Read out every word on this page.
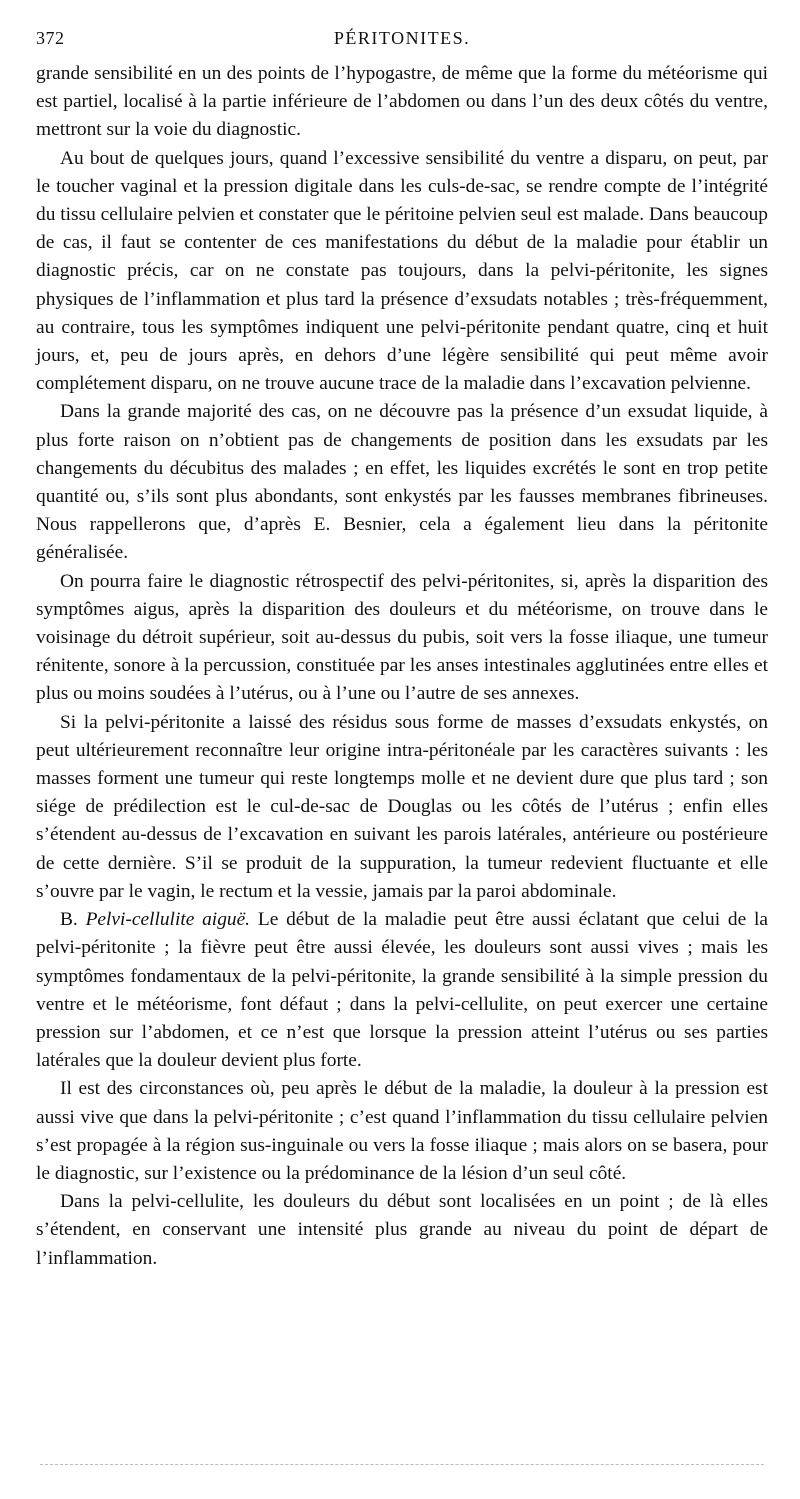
372	PÉRITONITES.

grande sensibilité en un des points de l’hypogastre, de même que la forme du météorisme qui est partiel, localisé à la partie inférieure de l’abdomen ou dans l’un des deux côtés du ventre, mettront sur la voie du diagnostic.

Au bout de quelques jours, quand l’excessive sensibilité du ventre a disparu, on peut, par le toucher vaginal et la pression digitale dans les culs-de-sac, se rendre compte de l’intégrité du tissu cellulaire pelvien et constater que le péritoine pelvien seul est malade. Dans beaucoup de cas, il faut se contenter de ces manifestations du début de la maladie pour établir un diagnostic précis, car on ne constate pas toujours, dans la pelvi-péritonite, les signes physiques de l’inflammation et plus tard la présence d’exsudats notables ; très-fréquemment, au contraire, tous les symptômes indiquent une pelvi-péritonite pendant quatre, cinq et huit jours, et, peu de jours après, en dehors d’une légère sensibilité qui peut même avoir complétement disparu, on ne trouve aucune trace de la maladie dans l’excavation pelvienne.

Dans la grande majorité des cas, on ne découvre pas la présence d’un exsudat liquide, à plus forte raison on n’obtient pas de changements de position dans les exsudats par les changements du décubitus des malades ; en effet, les liquides excrétés le sont en trop petite quantité ou, s’ils sont plus abondants, sont enkystés par les fausses membranes fibrineuses. Nous rappellerons que, d’après E. Besnier, cela a également lieu dans la péritonite généralisée.

On pourra faire le diagnostic rétrospectif des pelvi-péritonites, si, après la disparition des symptômes aigus, après la disparition des douleurs et du météorisme, on trouve dans le voisinage du détroit supérieur, soit au-dessus du pubis, soit vers la fosse iliaque, une tumeur rénitente, sonore à la percussion, constituée par les anses intestinales agglutinées entre elles et plus ou moins soudées à l’utérus, ou à l’une ou l’autre de ses annexes.

Si la pelvi-péritonite a laissé des résidus sous forme de masses d’exsudats enkystés, on peut ultérieurement reconnaître leur origine intra-péritonéale par les caractères suivants : les masses forment une tumeur qui reste longtemps molle et ne devient dure que plus tard ; son siége de prédilection est le cul-de-sac de Douglas ou les côtés de l’utérus ; enfin elles s’étendent au-dessus de l’excavation en suivant les parois latérales, antérieure ou postérieure de cette dernière. S’il se produit de la suppuration, la tumeur redevient fluctuante et elle s’ouvre par le vagin, le rectum et la vessie, jamais par la paroi abdominale.

B. Pelvi-cellulite aiguë. Le début de la maladie peut être aussi éclatant que celui de la pelvi-péritonite ; la fièvre peut être aussi élevée, les douleurs sont aussi vives ; mais les symptômes fondamentaux de la pelvi-péritonite, la grande sensibilité à la simple pression du ventre et le météorisme, font défaut ; dans la pelvi-cellulite, on peut exercer une certaine pression sur l’abdomen, et ce n’est que lorsque la pression atteint l’utérus ou ses parties latérales que la douleur devient plus forte.

Il est des circonstances où, peu après le début de la maladie, la douleur à la pression est aussi vive que dans la pelvi-péritonite ; c’est quand l’inflammation du tissu cellulaire pelvien s’est propagée à la région sus-inguinale ou vers la fosse iliaque ; mais alors on se basera, pour le diagnostic, sur l’existence ou la prédominance de la lésion d’un seul côté.

Dans la pelvi-cellulite, les douleurs du début sont localisées en un point ; de là elles s’étendent, en conservant une intensité plus grande au niveau du point de départ de l’inflammation.
